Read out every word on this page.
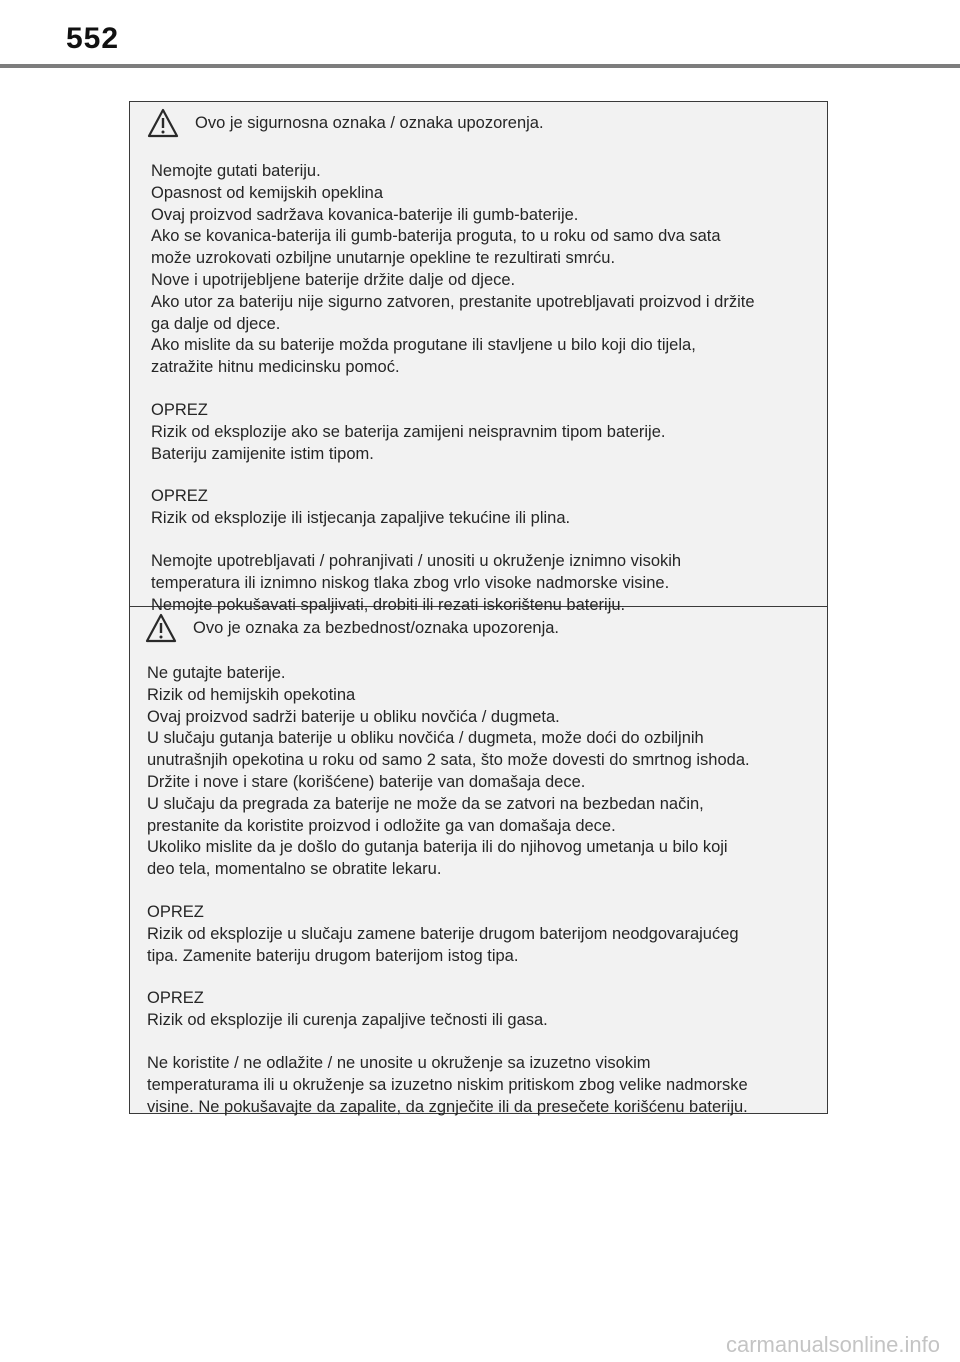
552
Ovo je sigurnosna oznaka / oznaka upozorenja.
Nemojte gutati bateriju.
Opasnost od kemijskih opeklina
Ovaj proizvod sadržava kovanica-baterije ili gumb-baterije.
Ako se kovanica-baterija ili gumb-baterija proguta, to u roku od samo dva sata
može uzrokovati ozbiljne unutarnje opekline te rezultirati smrću.
Nove i upotrijebljene baterije držite dalje od djece.
Ako utor za bateriju nije sigurno zatvoren, prestanite upotrebljavati proizvod i držite
ga dalje od djece.
Ako mislite da su baterije možda progutane ili stavljene u bilo koji dio tijela,
zatražite hitnu medicinsku pomoć.
OPREZ
Rizik od eksplozije ako se baterija zamijeni neispravnim tipom baterije.
Bateriju zamijenite istim tipom.
OPREZ
Rizik od eksplozije ili istjecanja zapaljive tekućine ili plina.
Nemojte upotrebljavati / pohranjivati / unositi u okruženje iznimno visokih
temperatura ili iznimno niskog tlaka zbog vrlo visoke nadmorske visine.
Nemojte pokušavati spaljivati, drobiti ili rezati iskorištenu bateriju.
Ovo je oznaka za bezbednost/oznaka upozorenja.
Ne gutajte baterije.
Rizik od hemijskih opekotina
Ovaj proizvod sadrži baterije u obliku novčića / dugmeta.
U slučaju gutanja baterije u obliku novčića / dugmeta, može doći do ozbiljnih
unutrašnjih opekotina u roku od samo 2 sata, što može dovesti do smrtnog ishoda.
Držite i nove i stare (korišćene) baterije van domašaja dece.
U slučaju da pregrada za baterije ne može da se zatvori na bezbedan način,
prestanite da koristite proizvod i odložite ga van domašaja dece.
Ukoliko mislite da je došlo do gutanja baterija ili do njihovog umetanja u bilo koji
deo tela, momentalno se obratite lekaru.
OPREZ
Rizik od eksplozije u slučaju zamene baterije drugom baterijom neodgovarajućeg
tipa. Zamenite bateriju drugom baterijom istog tipa.
OPREZ
Rizik od eksplozije ili curenja zapaljive tečnosti ili gasa.
Ne koristite / ne odlažite / ne unosite u okruženje sa izuzetno visokim
temperaturama ili u okruženje sa izuzetno niskim pritiskom zbog velike nadmorske
visine. Ne pokušavajte da zapalite, da zgnječite ili da presečete korišćenu bateriju.
carmanualsonline.info
